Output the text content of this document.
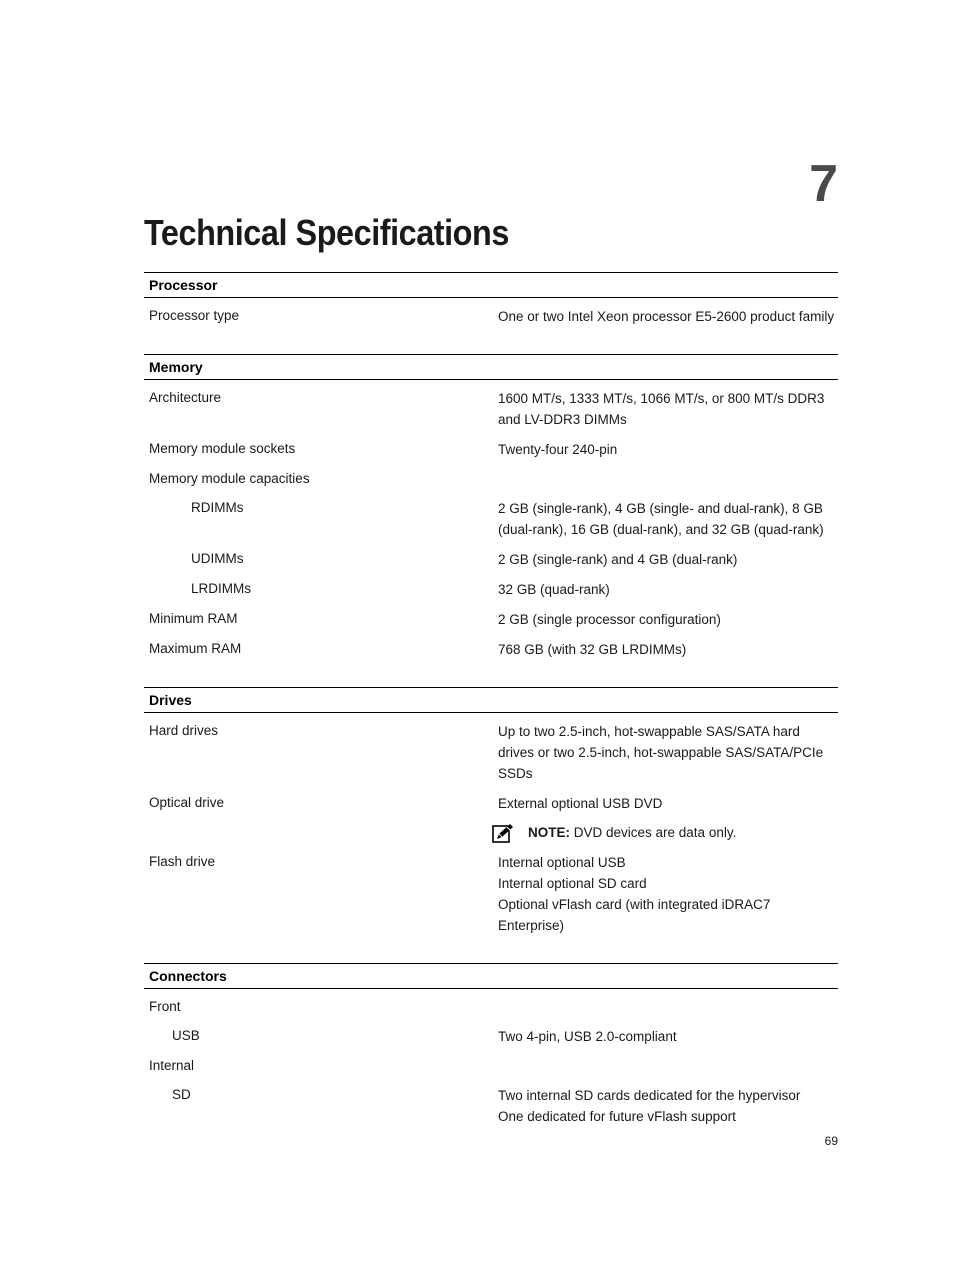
7
Technical Specifications
Processor
Processor type	One or two Intel Xeon processor E5-2600 product family
Memory
Architecture	1600 MT/s, 1333 MT/s, 1066 MT/s, or 800 MT/s DDR3 and LV-DDR3 DIMMs
Memory module sockets	Twenty-four 240-pin
Memory module capacities
RDIMMs	2 GB (single-rank), 4 GB (single- and dual-rank), 8 GB (dual-rank), 16 GB (dual-rank), and 32 GB (quad-rank)
UDIMMs	2 GB (single-rank) and 4 GB (dual-rank)
LRDIMMs	32 GB (quad-rank)
Minimum RAM	2 GB (single processor configuration)
Maximum RAM	768 GB (with 32 GB LRDIMMs)
Drives
Hard drives	Up to two 2.5-inch, hot-swappable SAS/SATA hard drives or two 2.5-inch, hot-swappable SAS/SATA/PCIe SSDs
Optical drive	External optional USB DVD
NOTE: DVD devices are data only.
Flash drive	Internal optional USB
Internal optional SD card
Optional vFlash card (with integrated iDRAC7 Enterprise)
Connectors
Front
USB	Two 4-pin, USB 2.0-compliant
Internal
SD	Two internal SD cards dedicated for the hypervisor
One dedicated for future vFlash support
69
